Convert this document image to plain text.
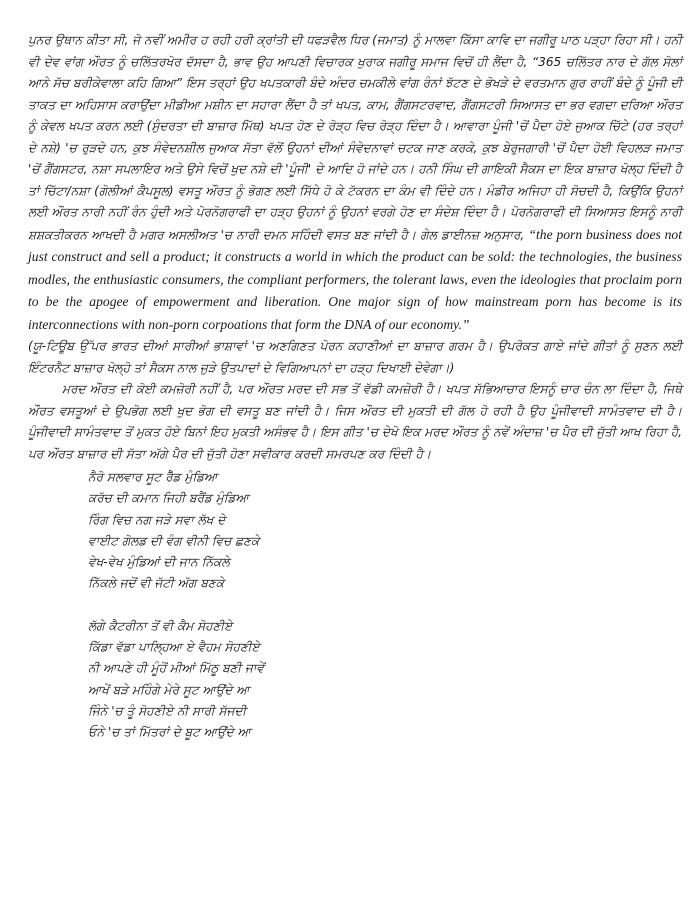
ਪੁਨਰ ਉਥਾਨ ਕੀਤਾ ਸੀ, ਜੋ ਨਵੀਂ ਅਮੀਰ ਹ ਰਹੀ ਹਰੀ ਕ੍ਰਾਂਤੀ ਦੀ ਧਫੜਵੈਲ ਧਿਰ (ਜਮਾਤ) ਨੂੰ ਮਾਲਵਾ ਕਿੱਸਾ ਕਾਵਿ ਦਾ ਜਗੀਰੂ ਪਾਠ ਪੜ੍ਹਾ ਰਿਹਾ ਸੀ। ਹਨੀ ਵੀ ਦੇਵ ਵਾਂਗ ਔਰਤ ਨੂੰ ਚਲਿੱਤਰਖੋਰ ਦੱਸਦਾ ਹੈ, ਭਾਵ ਉਹ ਆਪਣੀ ਵਿਚਾਰਕ ਖੁਰਾਕ ਜਗੀਰੂ ਸਮਾਜ ਵਿਚੋਂ ਹੀ ਲੈਂਦਾ ਹੈ, “365 ਚਲਿੱਤਰ ਨਾਰ ਦੇ ਗੱਲ ਸੋਲਾਂ ਆਨੇ ਸੱਚ ਬਰੀਕੇਵਾਲਾ ਕਹਿ ਗਿਆ” ਇਸ ਤਰ੍ਹਾਂ ਉਹ ਖਪਤਕਾਰੀ ਬੰਦੇ ਅੰਦਰ ਚਮਕੀਲੇ ਵਾਂਗ ਰੰਨਾਂ ਝੱਟਣ ਦੇ ਭੋਖੜੇ ਦੇ ਵਰਤਮਾਨ ਗੁਰ ਰਾਹੀਂ ਬੰਦੇ ਨੂੰ ਪੂੰਜੀ ਦੀ ਤਾਕਤ ਦਾ ਅਹਿਸਾਸ ਕਰਾਉਂਦਾ ਮੀਡੀਆ ਮਸ਼ੀਨ ਦਾ ਸਹਾਰਾ ਲੈਂਦਾ ਹੈ ਤਾਂ ਖਪਤ, ਕਾਮ, ਗੈਂਗਸਟਰਵਾਦ, ਗੈਂਗਸਟਰੀ ਸਿਆਸਤ ਦਾ ਭਰ ਵਗਦਾ ਦਰਿਆ ਔਰਤ ਨੂੰ ਕੇਵਲ ਖਪਤ ਕਰਨ ਲਈ (ਸੁੰਦਰਤਾ ਦੀ ਬਾਜ਼ਾਰ ਮਿੱਥ) ਖਪਤ ਹੋਣ ਦੇ ਰੋੜ੍ਹ ਵਿਚ ਰੋੜ੍ਹ ਦਿੰਦਾ ਹੈ। ਆਵਾਰਾ ਪੂੰਜੀ 'ਚੋਂ ਪੈਦਾ ਹੋਏ ਜੁਆਕ ਚਿੱਟੇ (ਹਰ ਤਰ੍ਹਾਂ ਦੇ ਨਸ਼ੇ) 'ਚ ਰੁੜਦੇ ਹਨ, ਕੁਝ ਸੰਵੇਦਨਸ਼ੀਲ ਜੁਆਕ ਸੱਤਾ ਵੱਲੋਂ ਉਹਨਾਂ ਦੀਆਂ ਸੰਵੇਦਨਾਵਾਂ ਚਟਕ ਜਾਣ ਕਰਕੇ, ਕੁਝ ਬੇਰੁਜਗਾਰੀ 'ਚੋਂ ਪੈਦਾ ਹੋਈ ਵਿਹਲੜ ਜਮਾਤ 'ਚੋਂ ਗੈਂਗਸਟਰ, ਨਸ਼ਾ ਸਪਲਾਇਰ ਅਤੇ ਉਸੇ ਵਿਚੋਂ ਖੁਦ ਨਸ਼ੇ ਦੀ 'ਪੂੰਜੀ' ਦੇ ਆਦਿ ਹੋ ਜਾਂਦੇ ਹਨ। ਹਨੀ ਸਿੰਘ ਦੀ ਗਾਇਕੀ ਸੈਕਸ ਦਾ ਇਕ ਬਾਜ਼ਾਰ ਖੋਲ੍ਹ ਦਿੰਦੀ ਹੈ ਤਾਂ ਚਿੱਟਾ/ਨਸ਼ਾ (ਗੋਲੀਆਂ ਕੈਪਸੂਲ) ਵਸਤੂ ਔਰਤ ਨੂੰ ਭੋਗਣ ਲਈ ਸਿੱਧੇ ਹੋ ਕੇ ਟੱਕਰਨ ਦਾ ਕੰਮ ਵੀ ਦਿੰਦੇ ਹਨ। ਮੰਡੀਰ ਅਜਿਹਾ ਹੀ ਸੋਚਦੀ ਹੈ, ਕਿਉਂਕਿ ਉਹਨਾਂ ਲਈ ਔਰਤ ਨਾਰੀ ਨਹੀਂ ਰੰਨ ਹੁੰਦੀ ਅਤੇ ਪੋਰਨੋਗਰਾਫੀ ਦਾ ਹੜ੍ਹ ਉਹਨਾਂ ਨੂੰ ਉਹਨਾਂ ਵਰਗੇ ਹੋਣ ਦਾ ਸੰਦੇਸ਼ ਦਿੰਦਾ ਹੈ। ਪੋਰਨੋਗਰਾਫੀ ਦੀ ਸਿਆਸਤ ਇਸਨੂੰ ਨਾਰੀ ਸ਼ਸ਼ਕਤੀਕਰਨ ਆਖਦੀ ਹੈ ਮਗਰ ਅਸਲੀਅਤ 'ਚ ਨਾਰੀ ਦਮਨ ਸਹਿੰਦੀ ਵਸਤ ਬਣ ਜਾਂਦੀ ਹੈ। ਗੇਲ ਡਾਈਨਜ਼ ਅਨੁਸਾਰ, “the porn business does not just construct and sell a product; it constructs a world in which the product can be sold: the technologies, the business modles, the enthusiastic consumers, the compliant performers, the tolerant laws, even the ideologies that proclaim porn to be the apogee of empowerment and liberation. One major sign of how mainstream porn has become is its interconnections with non-porn corpoations that form the DNA of our economy.”

(ਯੂ-ਟਿਊਬ ਉੱਪਰ ਭਾਰਤ ਦੀਆਂ ਸਾਰੀਆਂ ਭਾਸ਼ਾਵਾਂ 'ਚ ਅਣਗਿਣਤ ਪੋਰਨ ਕਹਾਣੀਆਂ ਦਾ ਬਾਜ਼ਾਰ ਗਰਮ ਹੈ। ਉਪਰੋਕਤ ਗਾਏ ਜਾਂਦੇ ਗੀਤਾਂ ਨੂੰ ਸੁਣਨ ਲਈ ਇੰਟਰਨੈਟ ਬਾਜ਼ਾਰ ਖੋਲ੍ਹੋ ਤਾਂ ਸੈਕਸ ਨਾਲ ਜੁੜੇ ਉਤਪਾਦਾਂ ਦੇ ਵਿਗਿਆਪਨਾਂ ਦਾ ਹੜ੍ਹ ਦਿਖਾਈ ਦੇਵੇਗਾ।)

ਮਰਦ ਔਰਤ ਦੀ ਕੋਈ ਕਮਜ਼ੋਰੀ ਨਹੀਂ ਹੈ, ਪਰ ਔਰਤ ਮਰਦ ਦੀ ਸਭ ਤੋਂ ਵੱਡੀ ਕਮਜ਼ੋਰੀ ਹੈ। ਖਪਤ ਸੱਭਿਆਚਾਰ ਇਸਨੂੰ ਚਾਰ ਚੰਨ ਲਾ ਦਿੰਦਾ ਹੈ, ਜਿਥੇ ਔਰਤ ਵਸਤੂਆਂ ਦੇ ਉਪਭੋਗ ਲਈ ਖੁਦ ਭੋਗ ਦੀ ਵਸਤੂ ਬਣ ਜਾਂਦੀ ਹੈ। ਜਿਸ ਔਰਤ ਦੀ ਮੁਕਤੀ ਦੀ ਗੱਲ ਹੋ ਰਹੀ ਹੈ ਉਹ ਪੂੰਜੀਵਾਦੀ ਸਾਮੰਤਵਾਦ ਦੀ ਹੈ। ਪੂੰਜੀਵਾਦੀ ਸਾਮੰਤਵਾਦ ਤੋਂ ਮੁਕਤ ਹੋਏ ਬਿਨਾਂ ਇਹ ਮੁਕਤੀ ਅਸੰਭਵ ਹੈ। ਇਸ ਗੀਤ 'ਚ ਦੇਖੋ ਇਕ ਮਰਦ ਔਰਤ ਨੂੰ ਨਵੇਂ ਅੰਦਾਜ਼ 'ਚ ਪੈਰ ਦੀ ਜੁੱਤੀ ਆਖ ਰਿਹਾ ਹੈ, ਪਰ ਔਰਤ ਬਾਜ਼ਾਰ ਦੀ ਸੱਤਾ ਅੱਗੇ ਪੈਰ ਦੀ ਜੁੱਤੀ ਹੋਣਾ ਸਵੀਕਾਰ ਕਰਦੀ ਸਮਰਪਣ ਕਰ ਦਿੰਦੀ ਹੈ।

ਨੈਰੋ ਸਲਵਾਰ ਸੂਟ ਰੈੱਡ ਮੁੰਡਿਆ
ਕਰੱਚ ਦੀ ਕਮਾਨ ਜਿਹੀ ਬਰੈਂਡ ਮੁੰਡਿਆ
ਰਿੰਗ ਵਿਚ ਨਗ ਜੜੇ ਸਵਾ ਲੱਖ ਦੇ
ਵਾਈਟ ਗੋਲਡ ਦੀ ਵੰਗ ਵੀਨੀ ਵਿਚ ਛਣਕੇ
ਵੇਖ-ਵੇਖ ਮੁੰਡਿਆਂ ਦੀ ਜਾਨ ਨਿੱਕਲੇ
ਨਿੱਕਲੇ ਜਦੋਂ ਵੀ ਜੱਟੀ ਅੱਗ ਬਣਕੇ
ਲੱਗੇ ਕੈਟਰੀਨਾ ਤੋਂ ਵੀ ਕੈਮ ਸੋਹਣੀਏ
ਕਿੱਡਾ ਵੱਡਾ ਪਾਲ੍ਹਿਆ ਏ ਵੈਹਮ ਸੋਹਣੀਏ
ਨੀ ਆਪਣੇ ਹੀ ਮੂੰਹੋਂ ਮੀਆਂ ਮਿੱਠੂ ਬਣੀ ਜਾਵੇਂ
ਆਖੇਂ ਬੜੇ ਮਹਿੰਗੇ ਮੇਰੇ ਸੂਟ ਆਉਂਦੇ ਆ
ਜਿੰਨੇ 'ਚ ਤੂੰ ਸੋਹਣੀਏ ਨੀ ਸਾਰੀ ਸੱਜਦੀ
ਓਨੇ 'ਚ ਤਾਂ ਮਿੱਤਰਾਂ ਦੇ ਬੂਟ ਆਉਂਦੇ ਆ
